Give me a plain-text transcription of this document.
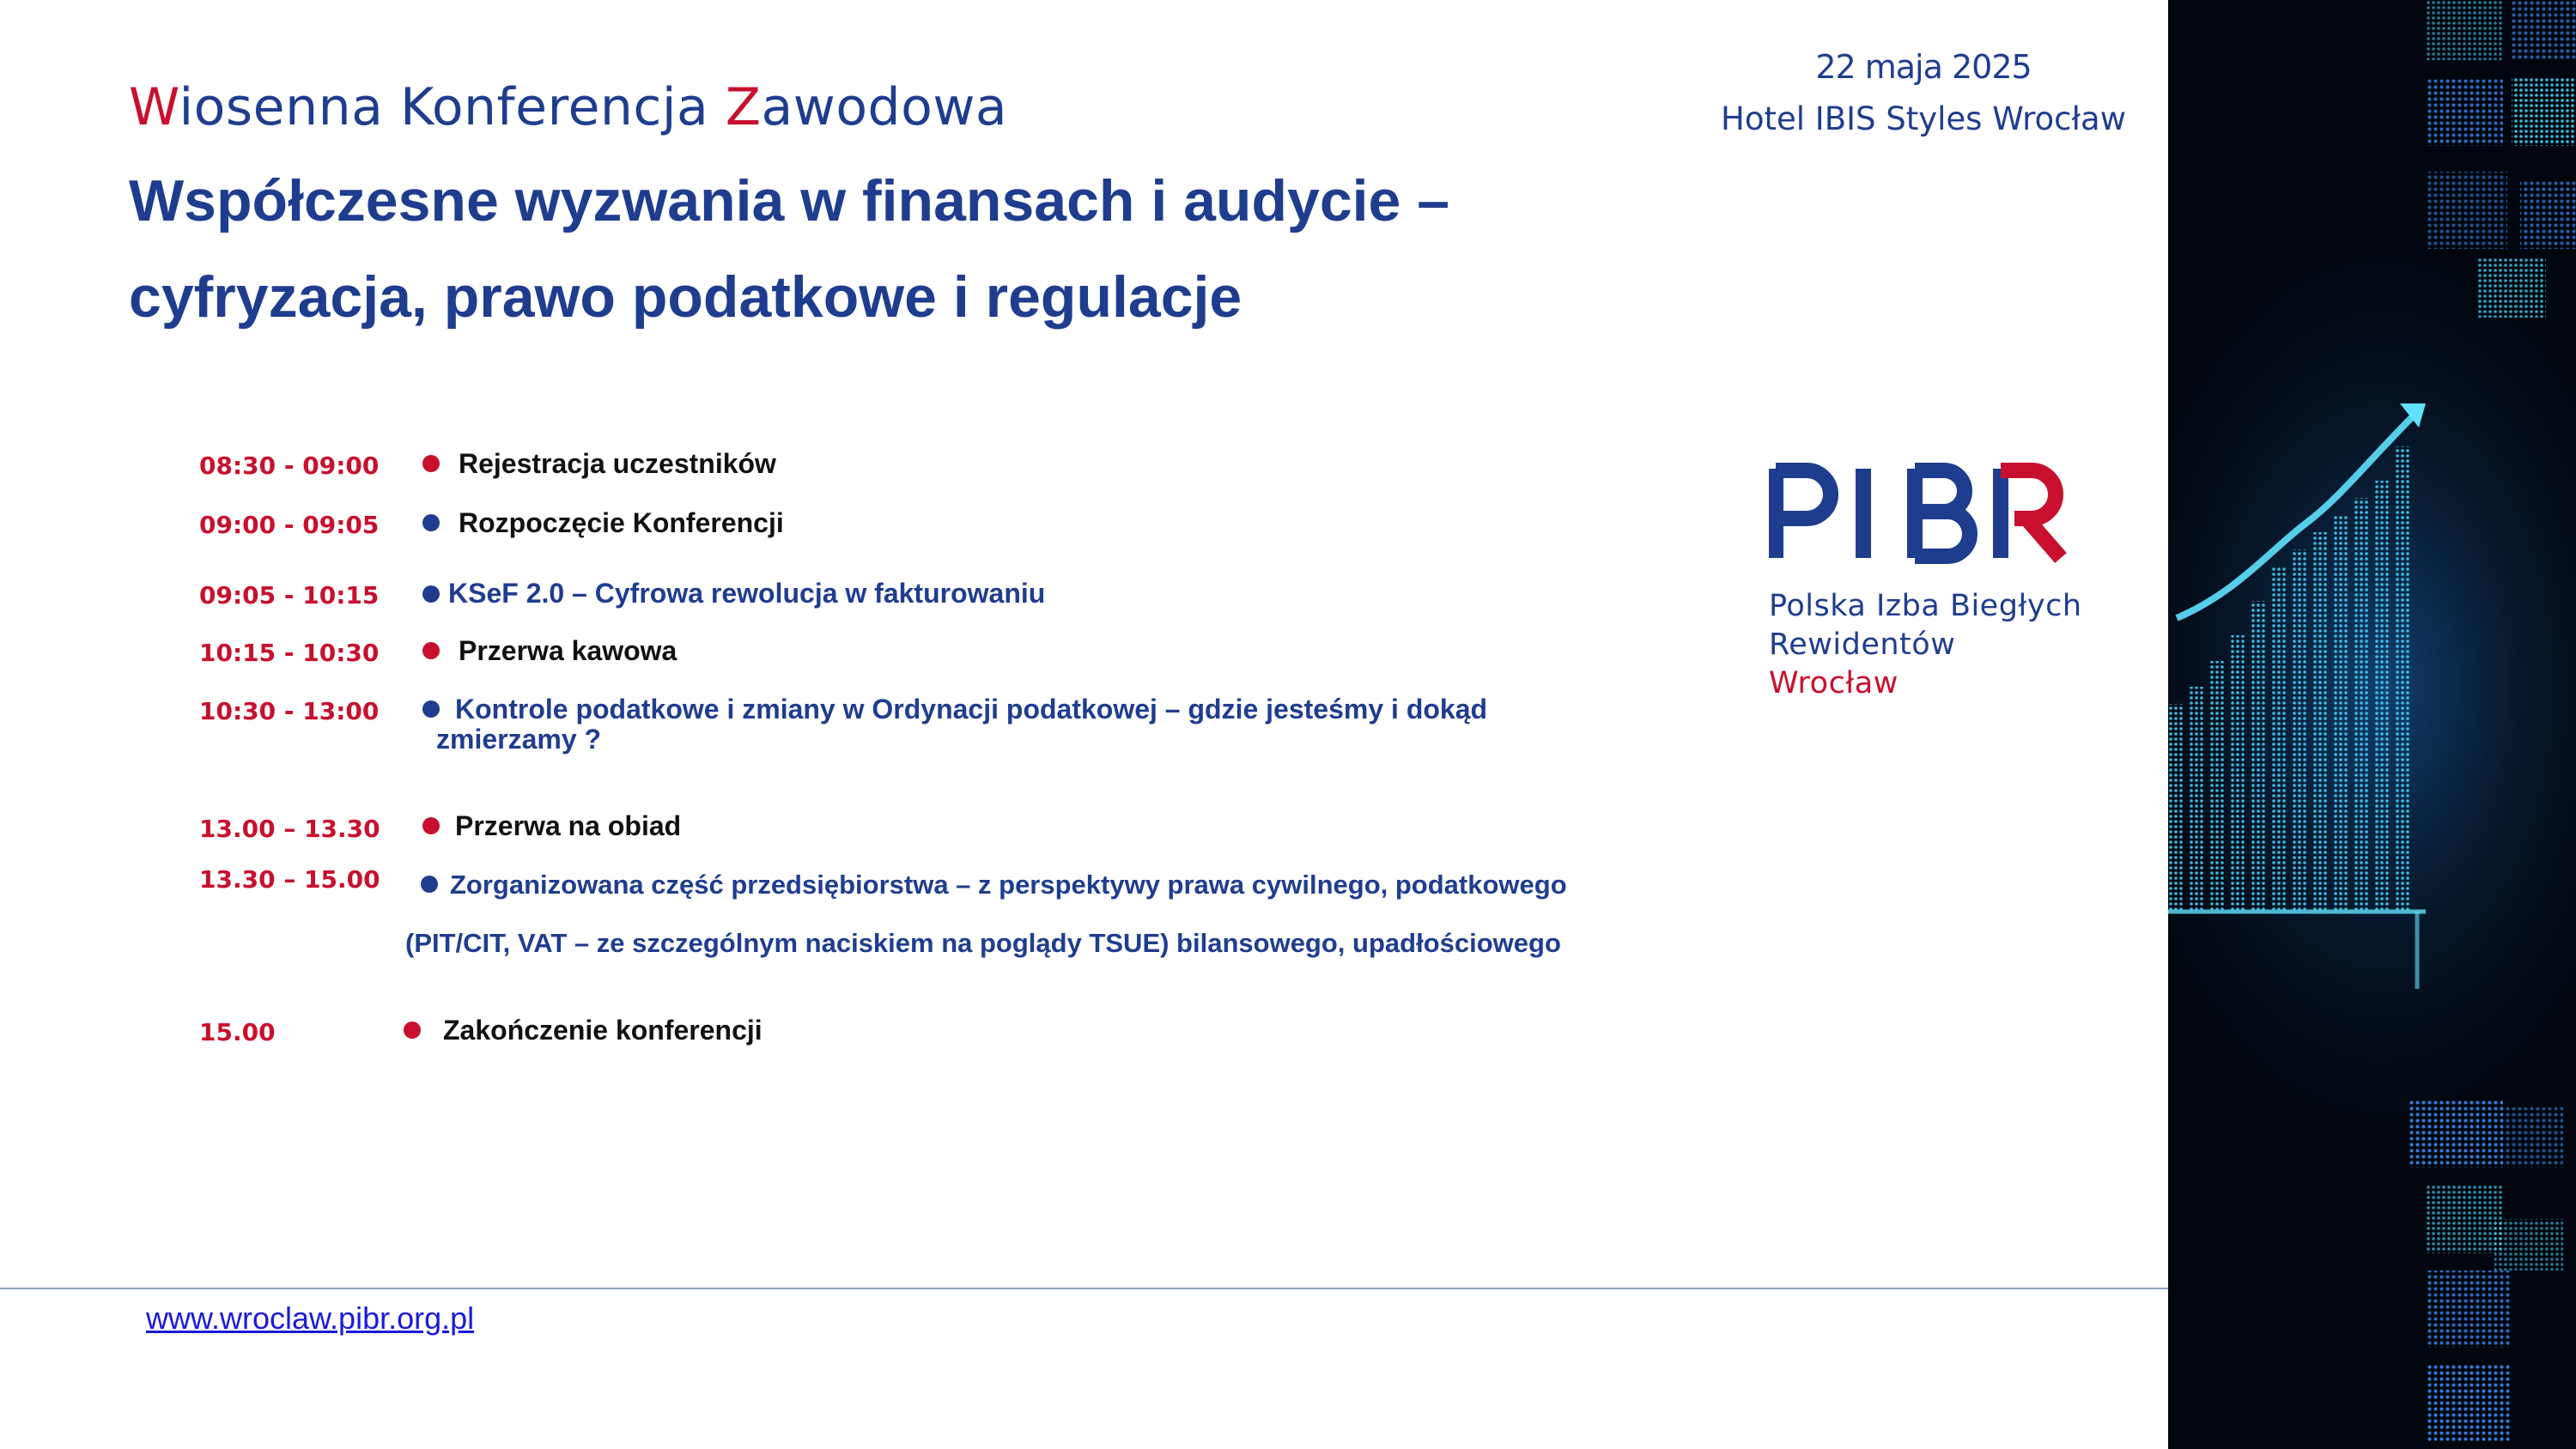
Wiosenna Konferencja Zawodowa
Współczesne wyzwania w finansach i audycie –
cyfryzacja, prawo podatkowe i regulacje
22 maja 2025
Hotel IBIS Styles Wrocław
Polska Izba Biegłych
Rewidentów
Wrocław
08:30 - 09:00	Rejestracja uczestników
09:00 - 09:05	Rozpoczęcie Konferencji
09:05 - 10:15	KSeF 2.0 – Cyfrowa rewolucja w fakturowaniu
10:15 - 10:30	Przerwa kawowa
10:30 - 13:00	Kontrole podatkowe i zmiany w Ordynacji podatkowej – gdzie jesteśmy i dokąd
zmierzamy ?
13.00 – 13.30	Przerwa na obiad
13.30 – 15.00	Zorganizowana część przedsiębiorstwa – z perspektywy prawa cywilnego, podatkowego
(PIT/CIT, VAT – ze szczególnym naciskiem na poglądy TSUE) bilansowego, upadłościowego
15.00	Zakończenie konferencji
www.wroclaw.pibr.org.pl
